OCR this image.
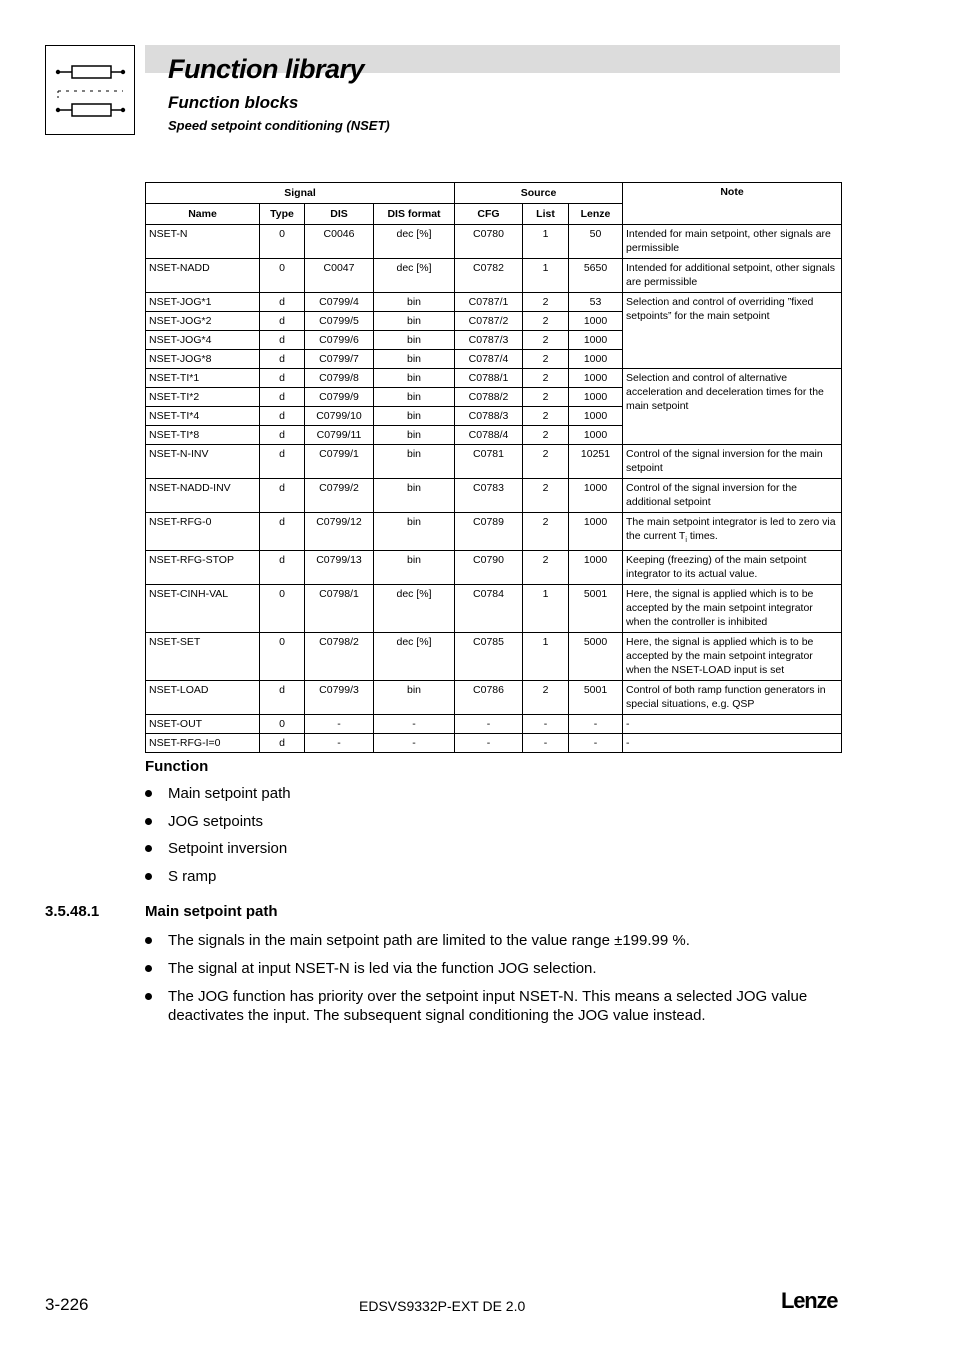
Function library
Function blocks
Speed setpoint conditioning (NSET)
Signal				Source			Note
Name	Type	DIS	DIS format	CFG	List	Lenze	
NSET-N	0	C0046	dec [%]	C0780	1	50	Intended for main setpoint, other signals are permissible
NSET-NADD	0	C0047	dec [%]	C0782	1	5650	Intended for additional setpoint, other signals are permissible
NSET-JOG*1	d	C0799/4	bin	C0787/1	2	53	Selection and control of overriding ”fixed setpoints” for the main setpoint
NSET-JOG*2	d	C0799/5	bin	C0787/2	2	1000	
NSET-JOG*4	d	C0799/6	bin	C0787/3	2	1000	
NSET-JOG*8	d	C0799/7	bin	C0787/4	2	1000	
NSET-TI*1	d	C0799/8	bin	C0788/1	2	1000	Selection and control of alternative acceleration and deceleration times for the main setpoint
NSET-TI*2	d	C0799/9	bin	C0788/2	2	1000	
NSET-TI*4	d	C0799/10	bin	C0788/3	2	1000	
NSET-TI*8	d	C0799/11	bin	C0788/4	2	1000	
NSET-N-INV	d	C0799/1	bin	C0781	2	10251	Control of the signal inversion for the main setpoint
NSET-NADD-INV	d	C0799/2	bin	C0783	2	1000	Control of the signal inversion for the additional setpoint
NSET-RFG-0	d	C0799/12	bin	C0789	2	1000	The main setpoint integrator is led to zero via the current $T_i$ times.
NSET-RFG-STOP	d	C0799/13	bin	C0790	2	1000	Keeping (freezing) of the main setpoint integrator to its actual value.
NSET-CINH-VAL	0	C0798/1	dec [%]	C0784	1	5001	Here, the signal is applied which is to be accepted by the main setpoint integrator when the controller is inhibited
NSET-SET	0	C0798/2	dec [%]	C0785	1	5000	Here, the signal is applied which is to be accepted by the main setpoint integrator when the NSET-LOAD input is set
NSET-LOAD	d	C0799/3	bin	C0786	2	5001	Control of both ramp function generators in special situations, e.g. QSP
NSET-OUT	0	-	-	-	-	-	-
NSET-RFG-I=0	d	-	-	-	-	-	-
Function
Main setpoint path
JOG setpoints
Setpoint inversion
S ramp
3.5.48.1	Main setpoint path
The signals in the main setpoint path are limited to the value range ±199.99 %.
The signal at input NSET-N is led via the function JOG selection.
The JOG function has priority over the setpoint input NSET-N. This means a selected JOG value deactivates the input. The subsequent signal conditioning the JOG value instead.
3-226	EDSVS9332P-EXT DE 2.0	Lenze
